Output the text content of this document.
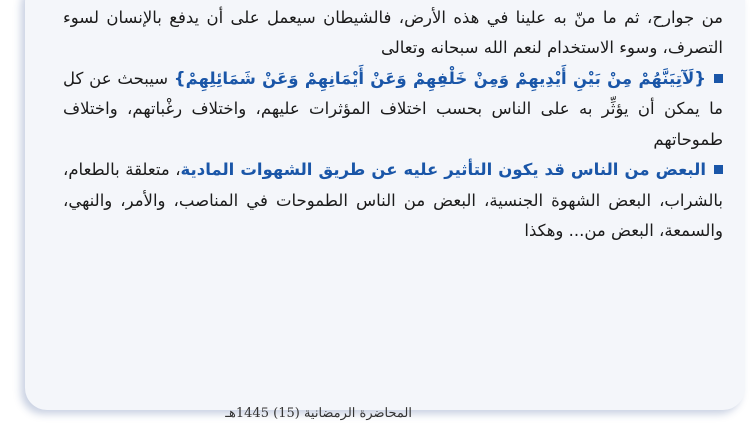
من جوارح، ثم ما منّ به علينا في هذه الأرض، فالشيطان سيعمل على أن يدفع بالإنسان لسوء التصرف، وسوء الاستخدام لنعم الله سبحانه وتعالى

{لَآتِيَنَّهُمْ مِنْ بَيْنِ أَيْدِيهِمْ وَمِنْ خَلْفِهِمْ وَعَنْ أَيْمَانِهِمْ وَعَنْ شَمَائِلِهِمْ} سيبحث عن كل ما يمكن أن يؤثِّر به على الناس بحسب اختلاف المؤثرات عليهم، واختلاف رغْباتهم، واختلاف طموحاتهم

البعض من الناس قد يكون التأثير عليه عن طريق الشهوات المادية، متعلقة بالطعام، بالشراب، البعض الشهوة الجنسية، البعض من الناس الطموحات في المناصب، والأمر، والنهي، والسمعة، البعض من... وهكذا

المحاضرة الرمضانية (15) 1445هـ
